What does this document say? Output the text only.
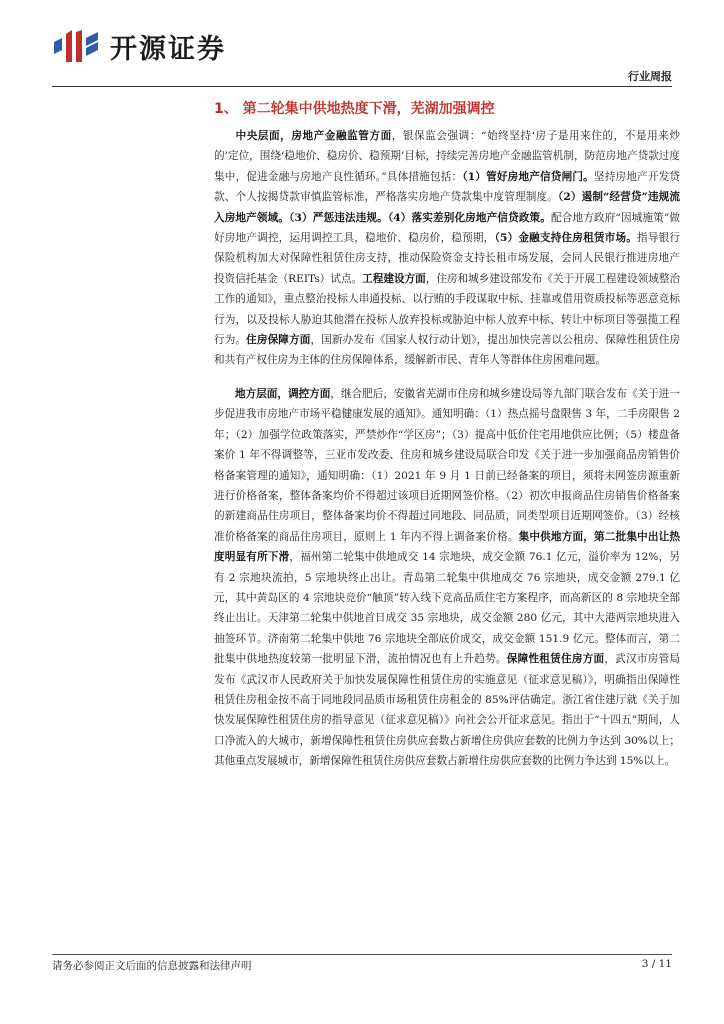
开源证券
行业周报
1、 第二轮集中供地热度下滑，芜湖加强调控

中央层面，房地产金融监管方面，银保监会强调：“始终坚持‘房子是用来住的，不是用来炒的’定位，围绕‘稳地价、稳房价、稳预期’目标，持续完善房地产金融监管机制，防范房地产贷款过度集中，促进金融与房地产良性循环。”具体措施包括：（1）管好房地产信贷闸门。坚持房地产开发贷款、个人按揭贷款审慎监管标准，严格落实房地产贷款集中度管理制度。（2）遏制“经营贷”违规流入房地产领域。（3）严惩违法违规。（4）落实差别化房地产信贷政策。配合地方政府“因城施策”做好房地产调控，运用调控工具，稳地价、稳房价，稳预期，（5）金融支持住房租赁市场。指导银行保险机构加大对保障性租赁住房支持，推动保险资金支持长租市场发展，会同人民银行推进房地产投资信托基金（REITs）试点。工程建设方面，住房和城乡建设部发布《关于开展工程建设领域整治工作的通知》，重点整治投标人串通投标、以行贿的手段谋取中标、挂靠或借用资质投标等恶意竞标行为，以及投标人胁迫其他潜在投标人放弃投标或胁迫中标人放弃中标、转让中标项目等强揽工程行为。住房保障方面，国新办发布《国家人权行动计划》，提出加快完善以公租房、保障性租赁住房和共有产权住房为主体的住房保障体系，缓解新市民、青年人等群体住房困难问题。

地方层面，调控方面，继合肥后，安徽省芜湖市住房和城乡建设局等九部门联合发布《关于进一步促进我市房地产市场平稳健康发展的通知》。通知明确：（1）热点摇号盘限售 3 年，二手房限售 2 年；（2）加强学位政策落实，严禁炒作“学区房”；（3）提高中低价住宅用地供应比例；（5）楼盘备案价 1 年不得调整等，三亚市发改委、住房和城乡建设局联合印发《关于进一步加强商品房销售价格备案管理的通知》，通知明确：（1）2021 年 9 月 1 日前已经备案的项目，须将未网签房源重新进行价格备案，整体备案均价不得超过该项目近期网签价格。（2）初次申报商品住房销售价格备案的新建商品住房项目，整体备案均价不得超过同地段、同品质，同类型项目近期网签价。（3）经核准价格备案的商品住房项目，原则上 1 年内不得上调备案价格。集中供地方面，第二批集中出让热度明显有所下滑，福州第二轮集中供地成交 14 宗地块，成交金额 76.1 亿元，溢价率为 12%，另有 2 宗地块流拍，5 宗地块终止出让。青岛第二轮集中供地成交 76 宗地块，成交金额 279.1 亿元，其中黄岛区的 4 宗地块竞价“触顶”转入线下竞高品质住宅方案程序，而高新区的 8 宗地块全部终止出让。天津第二轮集中供地首日成交 35 宗地块，成交金额 280 亿元，其中大港两宗地块进入抽签环节。济南第二轮集中供地 76 宗地块全部底价成交，成交金额 151.9 亿元。整体而言，第二批集中供地热度较第一批明显下滑，流拍情况也有上升趋势。保障性租赁住房方面，武汉市房管局发布《武汉市人民政府关于加快发展保障性租赁住房的实施意见（征求意见稿）》，明确指出保障性租赁住房租金按不高于同地段同品质市场租赁住房租金的 85%评估确定。浙江省住建厅就《关于加快发展保障性租赁住房的指导意见（征求意见稿）》向社会公开征求意见。指出于“十四五”期间，人口净流入的大城市，新增保障性租赁住房供应套数占新增住房供应套数的比例力争达到 30%以上；其他重点发展城市，新增保障性租赁住房供应套数占新增住房供应套数的比例力争达到 15%以上。

请务必参阅正文后面的信息披露和法律声明	3 / 11
